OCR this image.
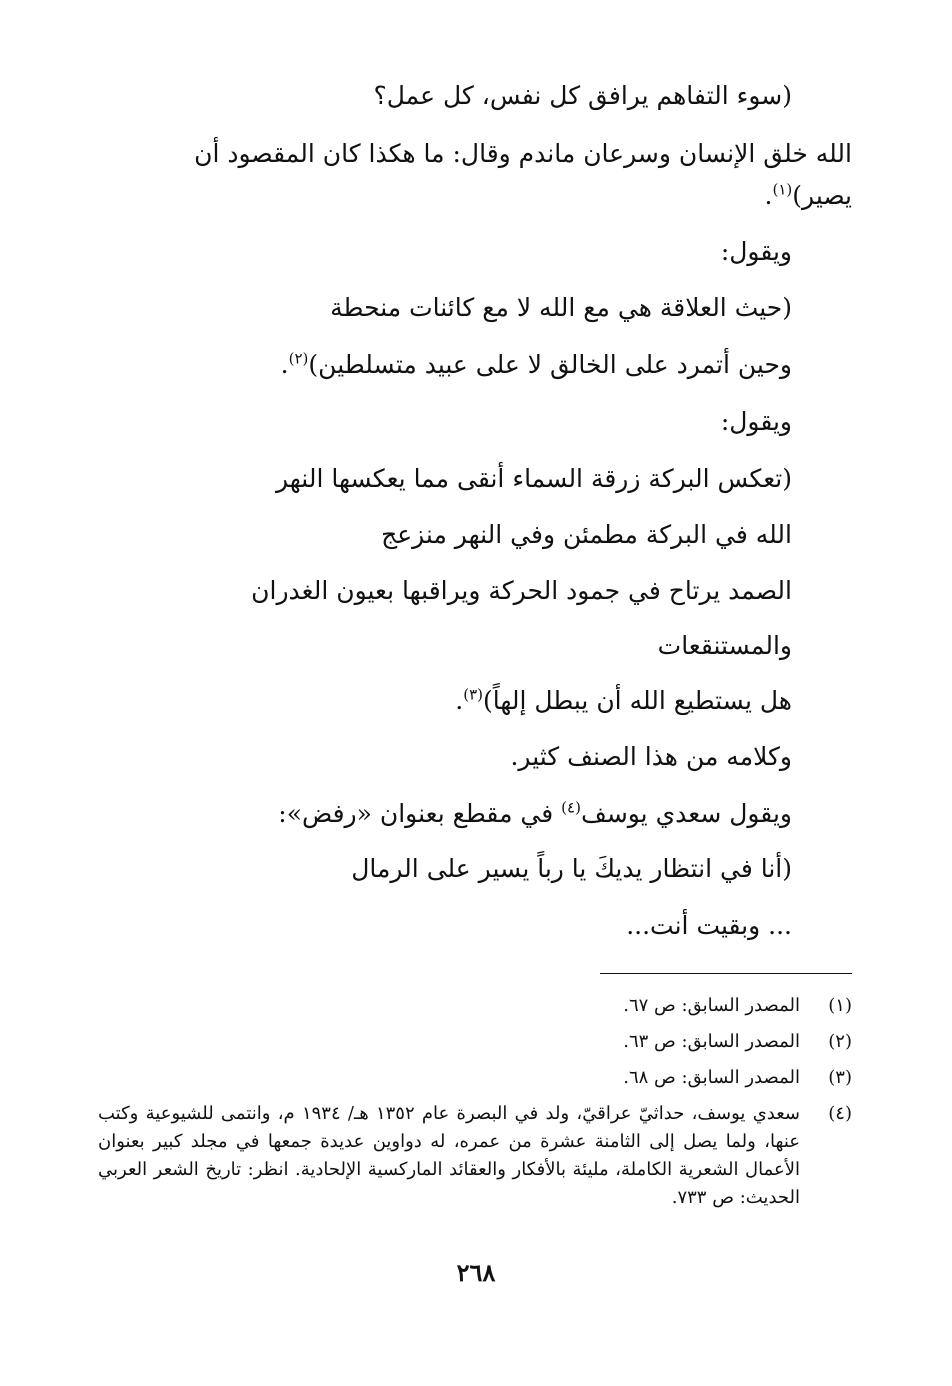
(سوء التفاهم يرافق كل نفس، كل عمل؟
الله خلق الإنسان وسرعان ماندم وقال: ما هكذا كان المقصود أن
يصير)$^{(١)}$.
ويقول:
(حيث العلاقة هي مع الله لا مع كائنات منحطة
وحين أتمرد على الخالق لا على عبيد متسلطين)$^{(٢)}$.
ويقول:
(تعكس البركة زرقة السماء أنقى مما يعكسها النهر
الله في البركة مطمئن وفي النهر منزعج
الصمد يرتاح في جمود الحركة ويراقبها بعيون الغدران
والمستنقعات
هل يستطيع الله أن يبطل إلهاً)$^{(٣)}$.
وكلامه من هذا الصنف كثير.
ويقول سعدي يوسف$^{(٤)}$ في مقطع بعنوان «رفض»:
(أنا في انتظار يديكَ يا رباً يسير على الرمال
... وبقيت أنت...
(١)
المصدر السابق: ص ٦٧.
(٢)
المصدر السابق: ص ٦٣.
(٣)
المصدر السابق: ص ٦٨.
(٤)
سعدي يوسف، حداثيّ عراقيّ، ولد في البصرة عام ١٣٥٢ هـ/ ١٩٣٤ م، وانتمى للشيوعية وكتب عنها، ولما يصل إلى الثامنة عشرة من عمره، له دواوين عديدة جمعها في مجلد كبير بعنوان الأعمال الشعرية الكاملة، مليئة بالأفكار والعقائد الماركسية الإلحادية. انظر: تاريخ الشعر العربي الحديث: ص ٧٣٣.
٢٦٨
